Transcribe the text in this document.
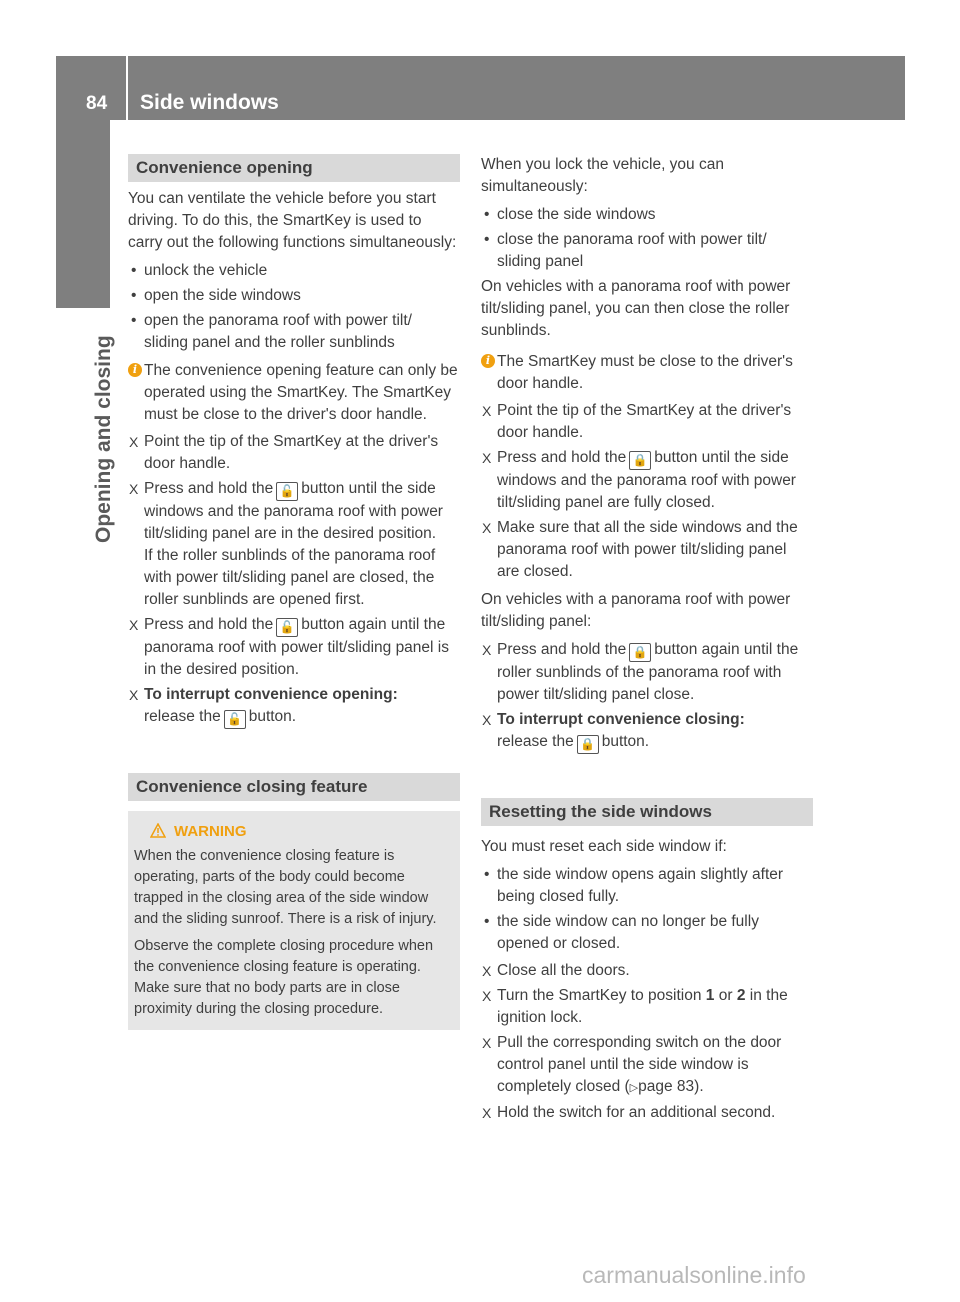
84 Side windows
Opening and closing
Convenience opening

You can ventilate the vehicle before you start driving. To do this, the SmartKey is used to carry out the following functions simultaneously:

• unlock the vehicle

• open the side windows

• open the panorama roof with power tilt/ sliding panel and the roller sunblinds

i The convenience opening feature can only be operated using the SmartKey. The SmartKey must be close to the driver's door handle.

X Point the tip of the SmartKey at the driver's door handle.

X Press and hold the 🔓 button until the side windows and the panorama roof with power tilt/sliding panel are in the desired position.
If the roller sunblinds of the panorama roof with power tilt/sliding panel are closed, the roller sunblinds are opened first.

X Press and hold the 🔓 button again until the panorama roof with power tilt/sliding panel is in the desired position.

X To interrupt convenience opening:
release the 🔓 button.

Convenience closing feature

WARNING

When the convenience closing feature is operating, parts of the body could become trapped in the closing area of the side window and the sliding sunroof. There is a risk of injury.

Observe the complete closing procedure when the convenience closing feature is operating. Make sure that no body parts are in close proximity during the closing procedure.

When you lock the vehicle, you can simultaneously:

• close the side windows

• close the panorama roof with power tilt/ sliding panel

On vehicles with a panorama roof with power tilt/sliding panel, you can then close the roller sunblinds.

i The SmartKey must be close to the driver's door handle.

X Point the tip of the SmartKey at the driver's door handle.

X Press and hold the 🔒 button until the side windows and the panorama roof with power tilt/sliding panel are fully closed.

X Make sure that all the side windows and the panorama roof with power tilt/sliding panel are closed.

On vehicles with a panorama roof with power tilt/sliding panel:

X Press and hold the 🔒 button again until the roller sunblinds of the panorama roof with power tilt/sliding panel close.

X To interrupt convenience closing:
release the 🔒 button.

Resetting the side windows

You must reset each side window if:

• the side window opens again slightly after being closed fully.

• the side window can no longer be fully opened or closed.

X Close all the doors.

X Turn the SmartKey to position 1 or 2 in the ignition lock.

X Pull the corresponding switch on the door control panel until the side window is completely closed (▷page 83).

X Hold the switch for an additional second.

carmanualsonline.info
